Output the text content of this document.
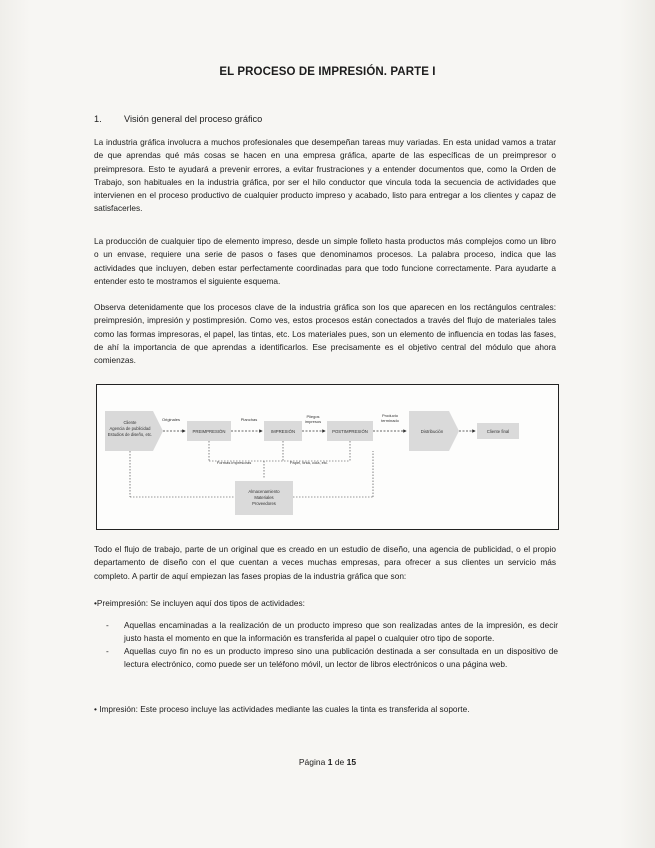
EL PROCESO DE IMPRESIÓN. PARTE I
1. Visión general del proceso gráfico
La industria gráfica involucra a muchos profesionales que desempeñan tareas muy variadas. En esta unidad vamos a tratar de que aprendas qué más cosas se hacen en una empresa gráfica, aparte de las específicas de un preimpresor o preimpresora. Esto te ayudará a prevenir errores, a evitar frustraciones y a entender documentos que, como la Orden de Trabajo, son habituales en la industria gráfica, por ser el hilo conductor que vincula toda la secuencia de actividades que intervienen en el proceso productivo de cualquier producto impreso y acabado, listo para entregar a los clientes y capaz de satisfacerles.
La producción de cualquier tipo de elemento impreso, desde un simple folleto hasta productos más complejos como un libro o un envase, requiere una serie de pasos o fases que denominamos procesos. La palabra proceso, indica que las actividades que incluyen, deben estar perfectamente coordinadas para que todo funcione correctamente. Para ayudarte a entender esto te mostramos el siguiente esquema.
Observa detenidamente que los procesos clave de la industria gráfica son los que aparecen en los rectángulos centrales: preimpresión, impresión y postimpresión. Como ves, estos procesos están conectados a través del flujo de materiales tales como las formas impresoras, el papel, las tintas, etc. Los materiales pues, son un elemento de influencia en todas las fases, de ahí la importancia de que aprendas a identificarlos. Ese precisamente es el objetivo central del módulo que ahora comienzas.
Cliente
Agencia de publicidad
Estudios de diseño, etc.
Originales
PREIMPRESIÓN
Planchas
IMPRESIÓN
Pliegos
impresos
POSTIMPRESIÓN
Producto
terminado
Distribución	Cliente final
Formas impresoras	Papel, tinta, cola, etc.
Almacenamiento
Materiales
Proveedores
Todo el flujo de trabajo, parte de un original que es creado en un estudio de diseño, una agencia de publicidad, o el propio departamento de diseño con el que cuentan a veces muchas empresas, para ofrecer a sus clientes un servicio más completo. A partir de aquí empiezan las fases propias de la industria gráfica que son:
•Preimpresión: Se incluyen aquí dos tipos de actividades:
-	Aquellas encaminadas a la realización de un producto impreso que son realizadas antes de la impresión, es decir justo hasta el momento en que la información es transferida al papel o cualquier otro tipo de soporte.
-	Aquellas cuyo fin no es un producto impreso sino una publicación destinada a ser consultada en un dispositivo de lectura electrónico, como puede ser un teléfono móvil, un lector de libros electrónicos o una página web.
• Impresión: Este proceso incluye las actividades mediante las cuales la tinta es transferida al soporte.
Página 1 de 15
